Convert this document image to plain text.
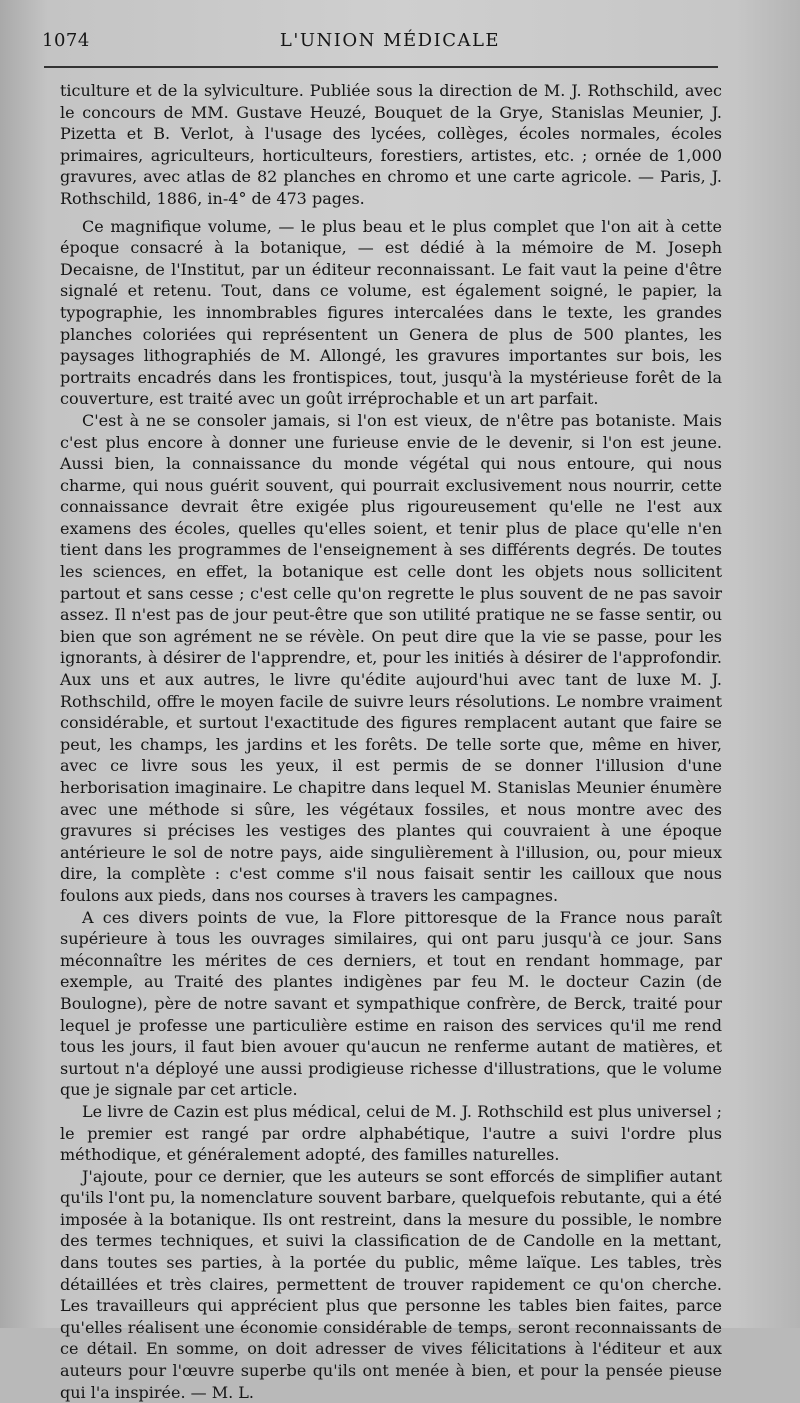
1074	L'UNION MÉDICALE

ticulture et de la sylviculture. Publiée sous la direction de M. J. Rothschild, avec le concours de MM. Gustave Heuzé, Bouquet de la Grye, Stanislas Meunier, J. Pizetta et B. Verlot, à l'usage des lycées, collèges, écoles normales, écoles primaires, agriculteurs, horticulteurs, forestiers, artistes, etc. ; ornée de 1,000 gravures, avec atlas de 82 planches en chromo et une carte agricole. — Paris, J. Rothschild, 1886, in-4° de 473 pages.

Ce magnifique volume, — le plus beau et le plus complet que l'on ait à cette époque consacré à la botanique, — est dédié à la mémoire de M. Joseph Decaisne, de l'Institut, par un éditeur reconnaissant. Le fait vaut la peine d'être signalé et retenu. Tout, dans ce volume, est également soigné, le papier, la typographie, les innombrables figures intercalées dans le texte, les grandes planches coloriées qui représentent un Genera de plus de 500 plantes, les paysages lithographiés de M. Allongé, les gravures importantes sur bois, les portraits encadrés dans les frontispices, tout, jusqu'à la mystérieuse forêt de la couverture, est traité avec un goût irréprochable et un art parfait.

C'est à ne se consoler jamais, si l'on est vieux, de n'être pas botaniste. Mais c'est plus encore à donner une furieuse envie de le devenir, si l'on est jeune. Aussi bien, la connaissance du monde végétal qui nous entoure, qui nous charme, qui nous guérit souvent, qui pourrait exclusivement nous nourrir, cette connaissance devrait être exigée plus rigoureusement qu'elle ne l'est aux examens des écoles, quelles qu'elles soient, et tenir plus de place qu'elle n'en tient dans les programmes de l'enseignement à ses différents degrés. De toutes les sciences, en effet, la botanique est celle dont les objets nous sollicitent partout et sans cesse ; c'est celle qu'on regrette le plus souvent de ne pas savoir assez. Il n'est pas de jour peut-être que son utilité pratique ne se fasse sentir, ou bien que son agrément ne se révèle. On peut dire que la vie se passe, pour les ignorants, à désirer de l'apprendre, et, pour les initiés à désirer de l'approfondir. Aux uns et aux autres, le livre qu'édite aujourd'hui avec tant de luxe M. J. Rothschild, offre le moyen facile de suivre leurs résolutions. Le nombre vraiment considérable, et surtout l'exactitude des figures remplacent autant que faire se peut, les champs, les jardins et les forêts. De telle sorte que, même en hiver, avec ce livre sous les yeux, il est permis de se donner l'illusion d'une herborisation imaginaire. Le chapitre dans lequel M. Stanislas Meunier énumère avec une méthode si sûre, les végétaux fossiles, et nous montre avec des gravures si précises les vestiges des plantes qui couvraient à une époque antérieure le sol de notre pays, aide singulièrement à l'illusion, ou, pour mieux dire, la complète : c'est comme s'il nous faisait sentir les cailloux que nous foulons aux pieds, dans nos courses à travers les campagnes.

A ces divers points de vue, la Flore pittoresque de la France nous paraît supérieure à tous les ouvrages similaires, qui ont paru jusqu'à ce jour. Sans méconnaître les mérites de ces derniers, et tout en rendant hommage, par exemple, au Traité des plantes indigènes par feu M. le docteur Cazin (de Boulogne), père de notre savant et sympathique confrère, de Berck, traité pour lequel je professe une particulière estime en raison des services qu'il me rend tous les jours, il faut bien avouer qu'aucun ne renferme autant de matières, et surtout n'a déployé une aussi prodigieuse richesse d'illustrations, que le volume que je signale par cet article.

Le livre de Cazin est plus médical, celui de M. J. Rothschild est plus universel ; le premier est rangé par ordre alphabétique, l'autre a suivi l'ordre plus méthodique, et généralement adopté, des familles naturelles.

J'ajoute, pour ce dernier, que les auteurs se sont efforcés de simplifier autant qu'ils l'ont pu, la nomenclature souvent barbare, quelquefois rebutante, qui a été imposée à la botanique. Ils ont restreint, dans la mesure du possible, le nombre des termes techniques, et suivi la classification de de Candolle en la mettant, dans toutes ses parties, à la portée du public, même laïque. Les tables, très détaillées et très claires, permettent de trouver rapidement ce qu'on cherche. Les travailleurs qui apprécient plus que personne les tables bien faites, parce qu'elles réalisent une économie considérable de temps, seront reconnaissants de ce détail. En somme, on doit adresser de vives félicitations à l'éditeur et aux auteurs pour l'œuvre superbe qu'ils ont menée à bien, et pour la pensée pieuse qui l'a inspirée. — M. L.
